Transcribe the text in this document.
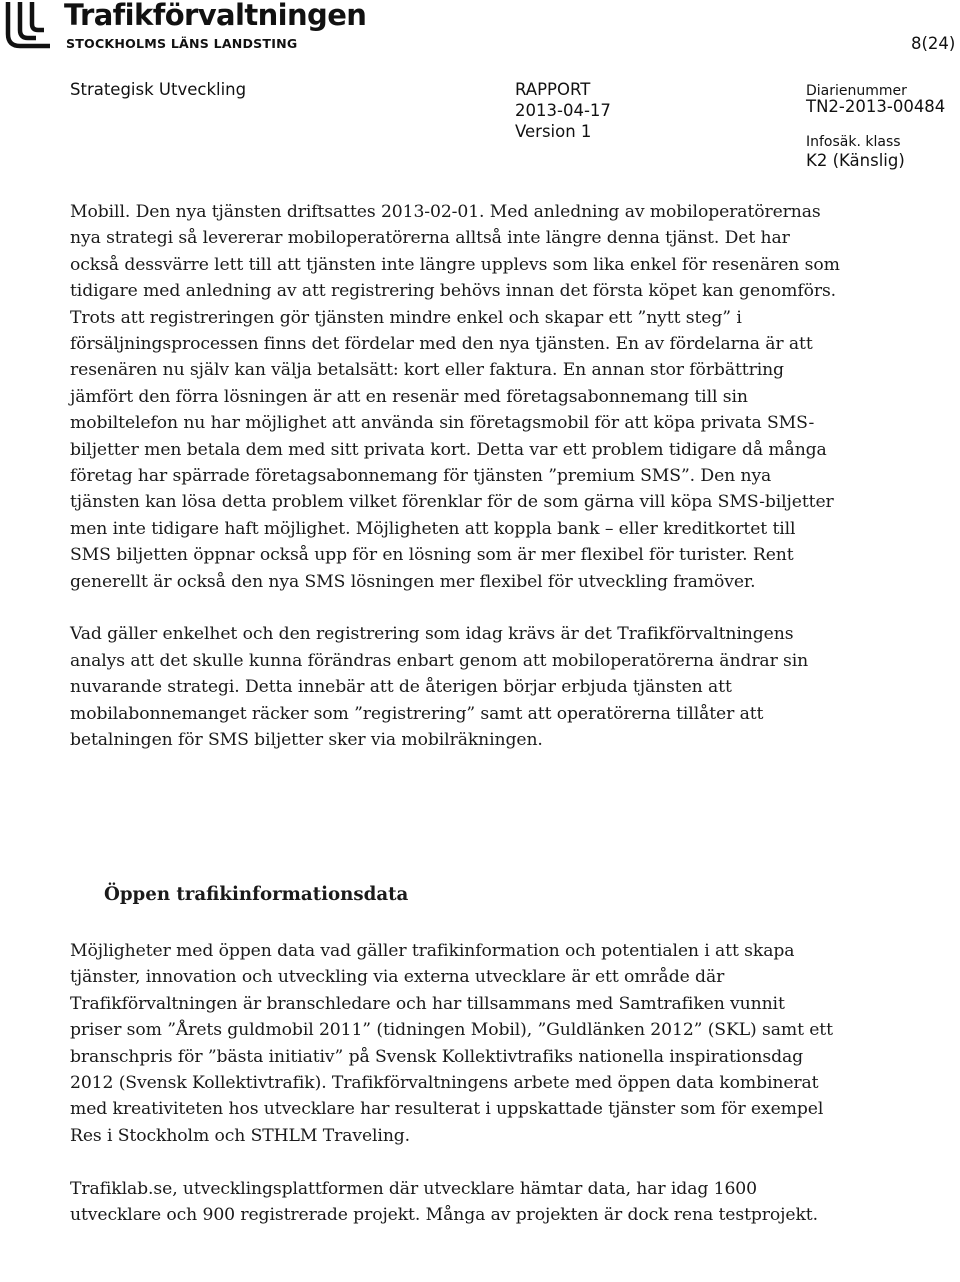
Trafikförvaltningen
STOCKHOLMS LÄNS LANDSTING	8(24)
Strategisk Utveckling	RAPPORT
2013-04-17
Version 1
Diarienummer
TN2-2013-00484
Infosäk. klass
K2 (Känslig)

Mobill. Den nya tjänsten driftsattes 2013-02-01. Med anledning av mobiloperatörernas nya strategi så levererar mobiloperatörerna alltså inte längre denna tjänst. Det har också dessvärre lett till att tjänsten inte längre upplevs som lika enkel för resenären som tidigare med anledning av att registrering behövs innan det första köpet kan genomförs. Trots att registreringen gör tjänsten mindre enkel och skapar ett ”nytt steg” i försäljningsprocessen finns det fördelar med den nya tjänsten. En av fördelarna är att resenären nu själv kan välja betalsätt: kort eller faktura. En annan stor förbättring jämfört den förra lösningen är att en resenär med företagsabonnemang till sin mobiltelefon nu har möjlighet att använda sin företagsmobil för att köpa privata SMS-biljetter men betala dem med sitt privata kort. Detta var ett problem tidigare då många företag har spärrade företagsabonnemang för tjänsten ”premium SMS”. Den nya tjänsten kan lösa detta problem vilket förenklar för de som gärna vill köpa SMS-biljetter men inte tidigare haft möjlighet. Möjligheten att koppla bank – eller kreditkortet till SMS biljetten öppnar också upp för en lösning som är mer flexibel för turister. Rent generellt är också den nya SMS lösningen mer flexibel för utveckling framöver.

Vad gäller enkelhet och den registrering som idag krävs är det Trafikförvaltningens analys att det skulle kunna förändras enbart genom att mobiloperatörerna ändrar sin nuvarande strategi. Detta innebär att de återigen börjar erbjuda tjänsten att mobilabonnemanget räcker som ”registrering” samt att operatörerna tillåter att betalningen för SMS biljetter sker via mobilräkningen.

Öppen trafikinformationsdata

Möjligheter med öppen data vad gäller trafikinformation och potentialen i att skapa tjänster, innovation och utveckling via externa utvecklare är ett område där Trafikförvaltningen är branschledare och har tillsammans med Samtrafiken vunnit priser som ”Årets guldmobil 2011” (tidningen Mobil), ”Guldlänken 2012” (SKL) samt ett branschpris för ”bästa initiativ” på Svensk Kollektivtrafiks nationella inspirationsdag 2012 (Svensk Kollektivtrafik). Trafikförvaltningens arbete med öppen data kombinerat med kreativiteten hos utvecklare har resulterat i uppskattade tjänster som för exempel Res i Stockholm och STHLM Traveling.

Trafiklab.se, utvecklingsplattformen där utvecklare hämtar data, har idag 1600 utvecklare och 900 registrerade projekt. Många av projekten är dock rena testprojekt.
